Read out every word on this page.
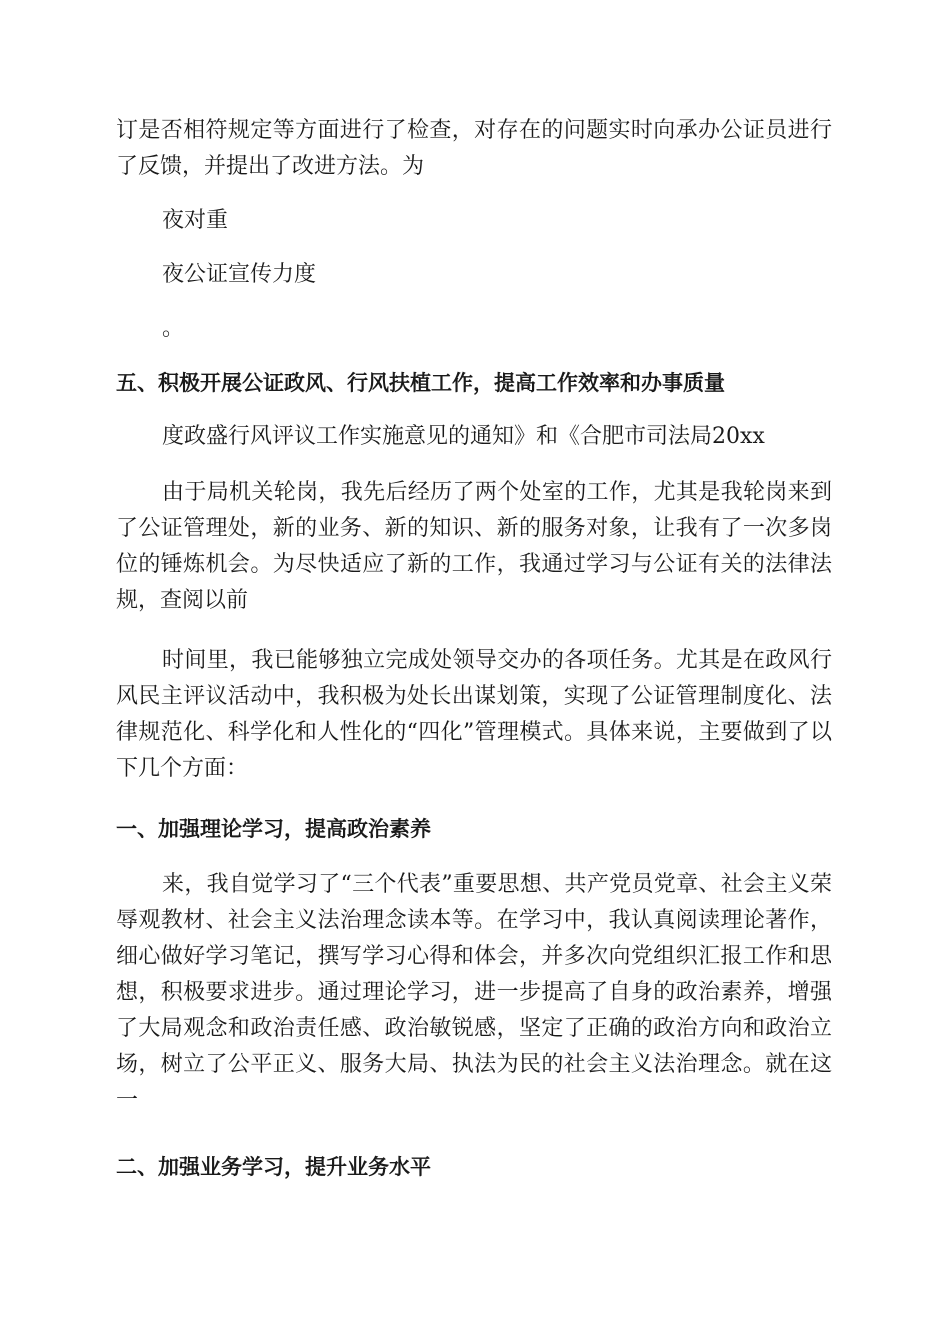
订是否相符规定等方面进行了检查，对存在的问题实时向承办公证员进行了反馈，并提出了改进方法。为

夜对重

夜公证宣传力度

。

五、积极开展公证政风、行风扶植工作，提高工作效率和办事质量

度政盛行风评议工作实施意见的通知》和《合肥市司法局20xx

由于局机关轮岗，我先后经历了两个处室的工作，尤其是我轮岗来到了公证管理处，新的业务、新的知识、新的服务对象，让我有了一次多岗位的锤炼机会。为尽快适应了新的工作，我通过学习与公证有关的法律法规，查阅以前

时间里，我已能够独立完成处领导交办的各项任务。尤其是在政风行风民主评议活动中，我积极为处长出谋划策，实现了公证管理制度化、法律规范化、科学化和人性化的“四化”管理模式。具体来说，主要做到了以下几个方面：

一、加强理论学习，提高政治素养

来，我自觉学习了“三个代表”重要思想、共产党员党章、社会主义荣辱观教材、社会主义法治理念读本等。在学习中，我认真阅读理论著作，细心做好学习笔记，撰写学习心得和体会，并多次向党组织汇报工作和思想，积极要求进步。通过理论学习，进一步提高了自身的政治素养，增强了大局观念和政治责任感、政治敏锐感，坚定了正确的政治方向和政治立场，树立了公平正义、服务大局、执法为民的社会主义法治理念。就在这一

二、加强业务学习，提升业务水平
